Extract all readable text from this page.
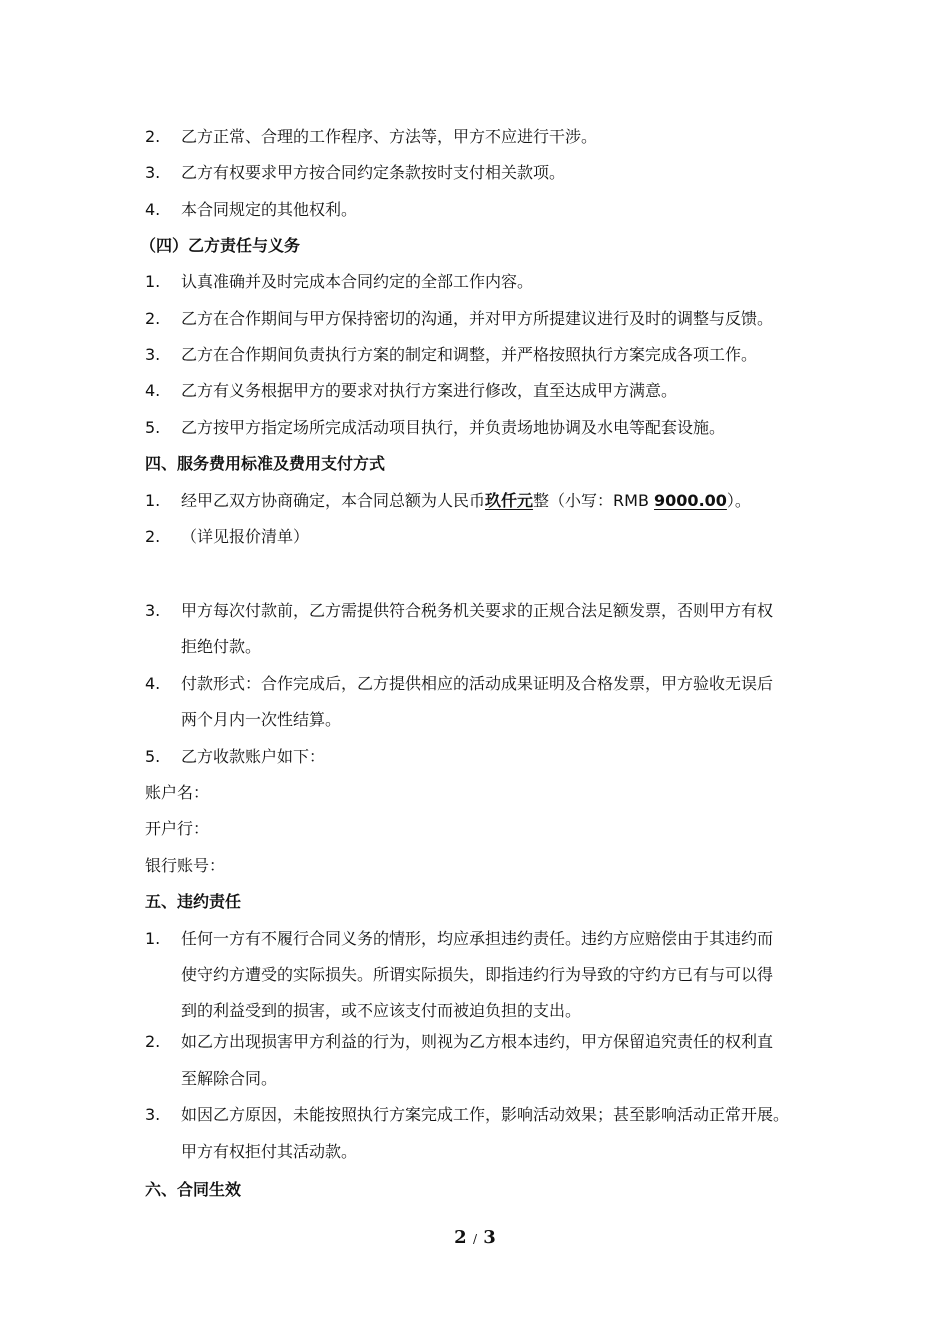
2. 乙方正常、合理的工作程序、方法等，甲方不应进行干涉。
3. 乙方有权要求甲方按合同约定条款按时支付相关款项。
4. 本合同规定的其他权利。
（四）乙方责任与义务
1. 认真准确并及时完成本合同约定的全部工作内容。
2. 乙方在合作期间与甲方保持密切的沟通，并对甲方所提建议进行及时的调整与反馈。
3. 乙方在合作期间负责执行方案的制定和调整，并严格按照执行方案完成各项工作。
4. 乙方有义务根据甲方的要求对执行方案进行修改，直至达成甲方满意。
5. 乙方按甲方指定场所完成活动项目执行，并负责场地协调及水电等配套设施。
四、服务费用标准及费用支付方式
1. 经甲乙双方协商确定，本合同总额为人民币玖仟元整（小写：RMB 9000.00）。
2. （详见报价清单）
3. 甲方每次付款前，乙方需提供符合税务机关要求的正规合法足额发票，否则甲方有权
拒绝付款。
4. 付款形式：合作完成后，乙方提供相应的活动成果证明及合格发票，甲方验收无误后
两个月内一次性结算。
5. 乙方收款账户如下：
账户名：
开户行：
银行账号：
五、违约责任
1. 任何一方有不履行合同义务的情形，均应承担违约责任。违约方应赔偿由于其违约而
使守约方遭受的实际损失。所谓实际损失，即指违约行为导致的守约方已有与可以得
到的利益受到的损害，或不应该支付而被迫负担的支出。
2. 如乙方出现损害甲方利益的行为，则视为乙方根本违约，甲方保留追究责任的权利直
至解除合同。
3. 如因乙方原因，未能按照执行方案完成工作，影响活动效果；甚至影响活动正常开展。
甲方有权拒付其活动款。
六、合同生效
2 / 3
